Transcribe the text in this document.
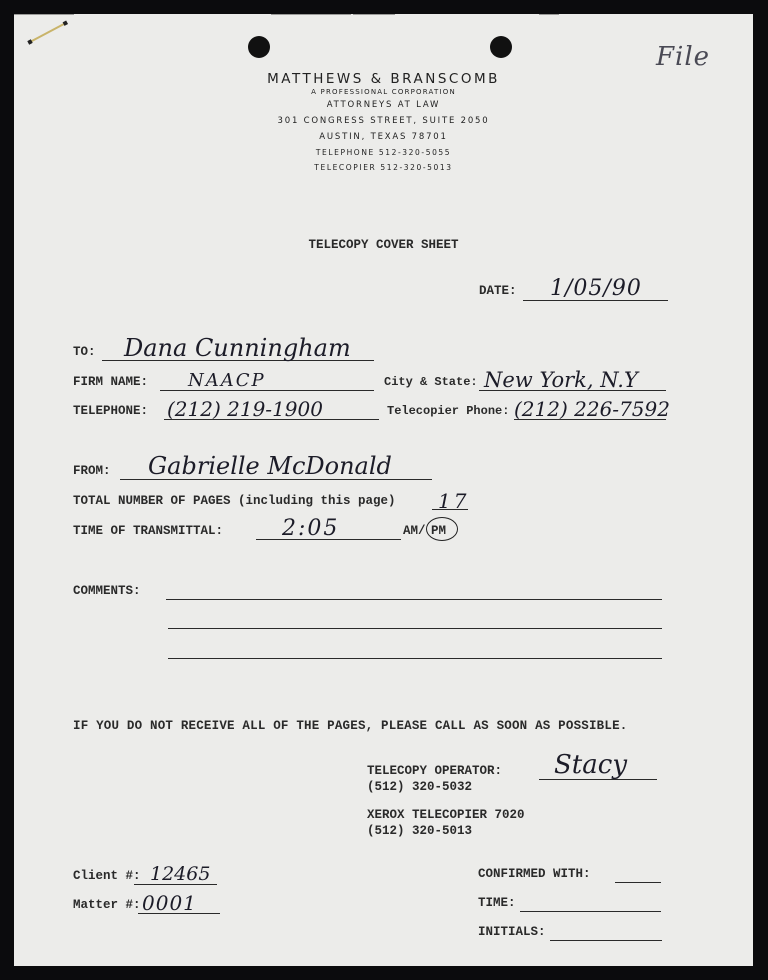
File
MATTHEWS & BRANSCOMB
A PROFESSIONAL CORPORATION
ATTORNEYS AT LAW
301 CONGRESS STREET, SUITE 2050
AUSTIN, TEXAS 78701
TELEPHONE 512-320-5055
TELECOPIER 512-320-5013
TELECOPY COVER SHEET
DATE: 1/05/90
TO: Dana Cunningham
FIRM NAME: NAACP	City & State: New York, N.Y
TELEPHONE: (212) 219-1900	Telecopier Phone: (212) 226-7592
FROM: Gabrielle McDonald
TOTAL NUMBER OF PAGES (including this page) 17
TIME OF TRANSMITTAL:	2:05	AM/ PM
COMMENTS:
IF YOU DO NOT RECEIVE ALL OF THE PAGES, PLEASE CALL AS SOON AS POSSIBLE.
TELECOPY OPERATOR: Stacy
(512) 320-5032
XEROX TELECOPIER 7020
(512) 320-5013
Client #: 12465
Matter #: 0001
CONFIRMED WITH:
TIME:
INITIALS:
